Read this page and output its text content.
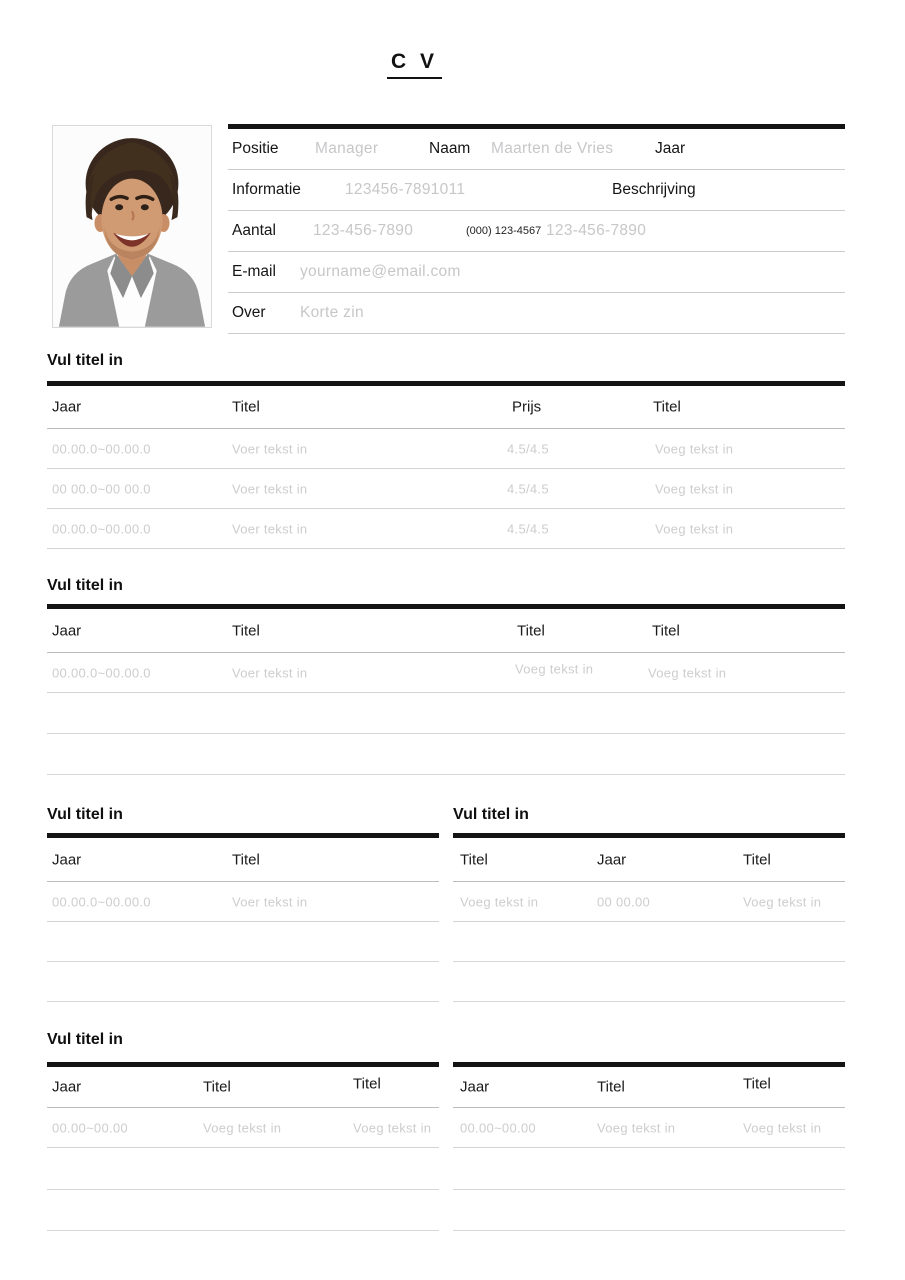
C V
Positie Manager	Naam Maarten de Vries	Jaar
Informatie	123456-7891011	Beschrijving
Aantal 123-456-7890	(000) 123-4567 123-456-7890
E-mail yourname@email.com
Over Korte zin
Vul titel in
Jaar	Titel	Prijs	Titel
00.00.0~00.00.0	Voer tekst in	4.5/4.5	Voeg tekst in
00 00.0~00 00.0	Voer tekst in	4.5/4.5	Voeg tekst in
00.00.0~00.00.0	Voer tekst in	4.5/4.5	Voeg tekst in
Vul titel in
Jaar	Titel	Titel	Titel
00.00.0~00.00.0	Voer tekst in	Voeg tekst in	Voeg tekst in
Vul titel in
Jaar	Titel
00.00.0~00.00.0	Voer tekst in
Vul titel in
Titel	Jaar	Titel
Voeg tekst in	00 00.00	Voeg tekst in
Vul titel in
Jaar	Titel	Titel
00.00~00.00	Voeg tekst in	Voeg tekst in
Jaar	Titel	Titel
00.00~00.00	Voeg tekst in	Voeg tekst in
